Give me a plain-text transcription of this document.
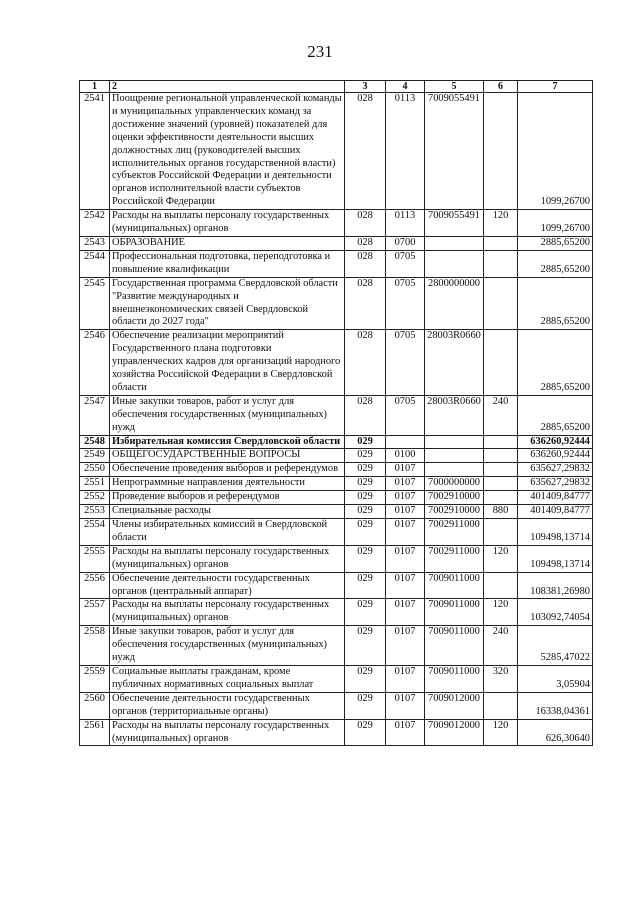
231
1	2	3	4	5	6	7
2541	Поощрение региональной управленческой команды и муниципальных управленческих команд за достижение значений (уровней) показателей для оценки эффективности деятельности высших должностных лиц (руководителей высших исполнительных органов государственной власти) субъектов Российской Федерации и деятельности органов исполнительной власти субъектов Российской Федерации	028	0113	7009055491		1099,26700
2542	Расходы на выплаты персоналу государственных (муниципальных) органов	028	0113	7009055491	120	1099,26700
2543	ОБРАЗОВАНИЕ	028	0700			2885,65200
2544	Профессиональная подготовка, переподготовка и повышение квалификации	028	0705			2885,65200
2545	Государственная программа Свердловской области "Развитие международных и внешнеэкономических связей Свердловской области до 2027 года"	028	0705	2800000000		2885,65200
2546	Обеспечение реализации мероприятий Государственного плана подготовки управленческих кадров для организаций народного хозяйства Российской Федерации в Свердловской области	028	0705	28003R0660		2885,65200
2547	Иные закупки товаров, работ и услуг для обеспечения государственных (муниципальных) нужд	028	0705	28003R0660	240	2885,65200
2548	Избирательная комиссия Свердловской области	029				636260,92444
2549	ОБЩЕГОСУДАРСТВЕННЫЕ ВОПРОСЫ	029	0100			636260,92444
2550	Обеспечение проведения выборов и референдумов	029	0107			635627,29832
2551	Непрограммные направления деятельности	029	0107	7000000000		635627,29832
2552	Проведение выборов и референдумов	029	0107	7002910000		401409,84777
2553	Специальные расходы	029	0107	7002910000	880	401409,84777
2554	Члены избирательных комиссий в Свердловской области	029	0107	7002911000		109498,13714
2555	Расходы на выплаты персоналу государственных (муниципальных) органов	029	0107	7002911000	120	109498,13714
2556	Обеспечение деятельности государственных органов (центральный аппарат)	029	0107	7009011000		108381,26980
2557	Расходы на выплаты персоналу государственных (муниципальных) органов	029	0107	7009011000	120	103092,74054
2558	Иные закупки товаров, работ и услуг для обеспечения государственных (муниципальных) нужд	029	0107	7009011000	240	5285,47022
2559	Социальные выплаты гражданам, кроме публичных нормативных социальных выплат	029	0107	7009011000	320	3,05904
2560	Обеспечение деятельности государственных органов (территориальные органы)	029	0107	7009012000		16338,04361
2561	Расходы на выплаты персоналу государственных (муниципальных) органов	029	0107	7009012000	120	626,30640
